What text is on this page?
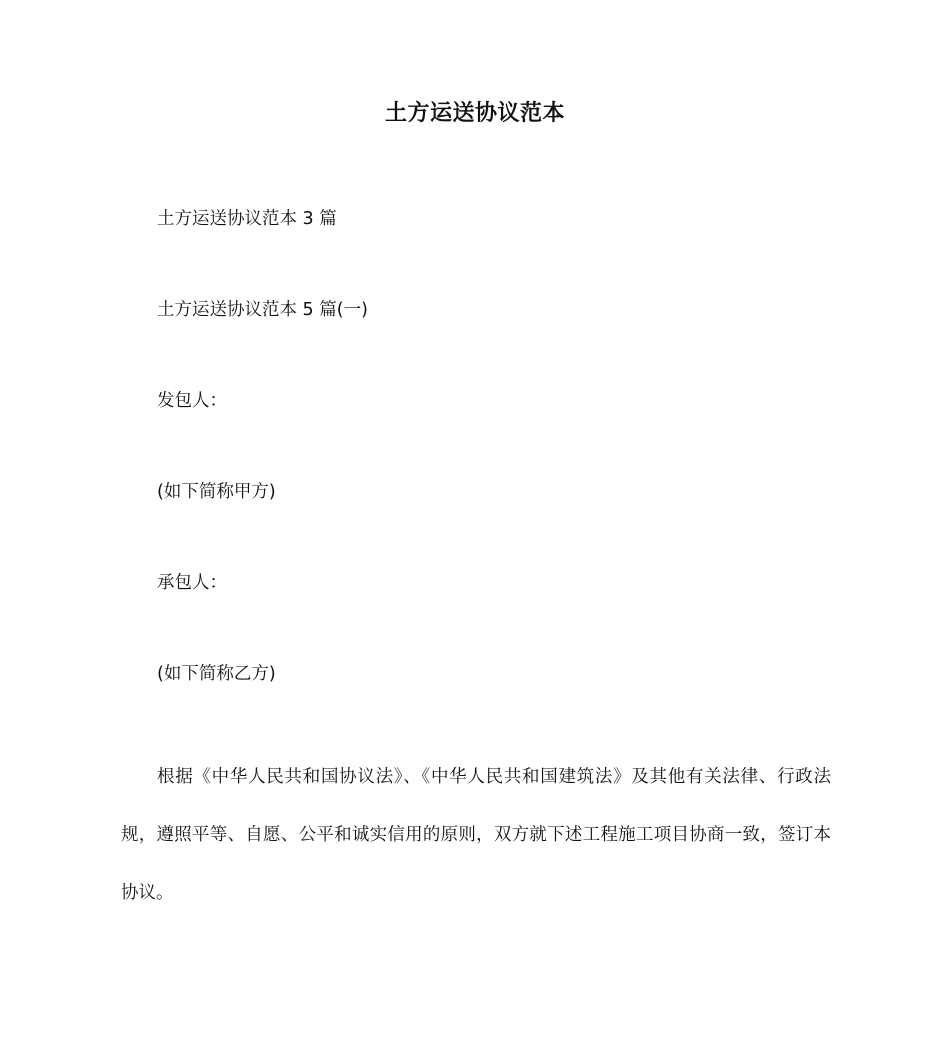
土方运送协议范本
土方运送协议范本 3 篇
土方运送协议范本 5 篇(一)
发包人：
(如下简称甲方)
承包人：
(如下简称乙方)
根据《中华人民共和国协议法》、《中华人民共和国建筑法》及其他有关法律、行政法规，遵照平等、自愿、公平和诚实信用的原则，双方就下述工程施工项目协商一致，签订本协议。
